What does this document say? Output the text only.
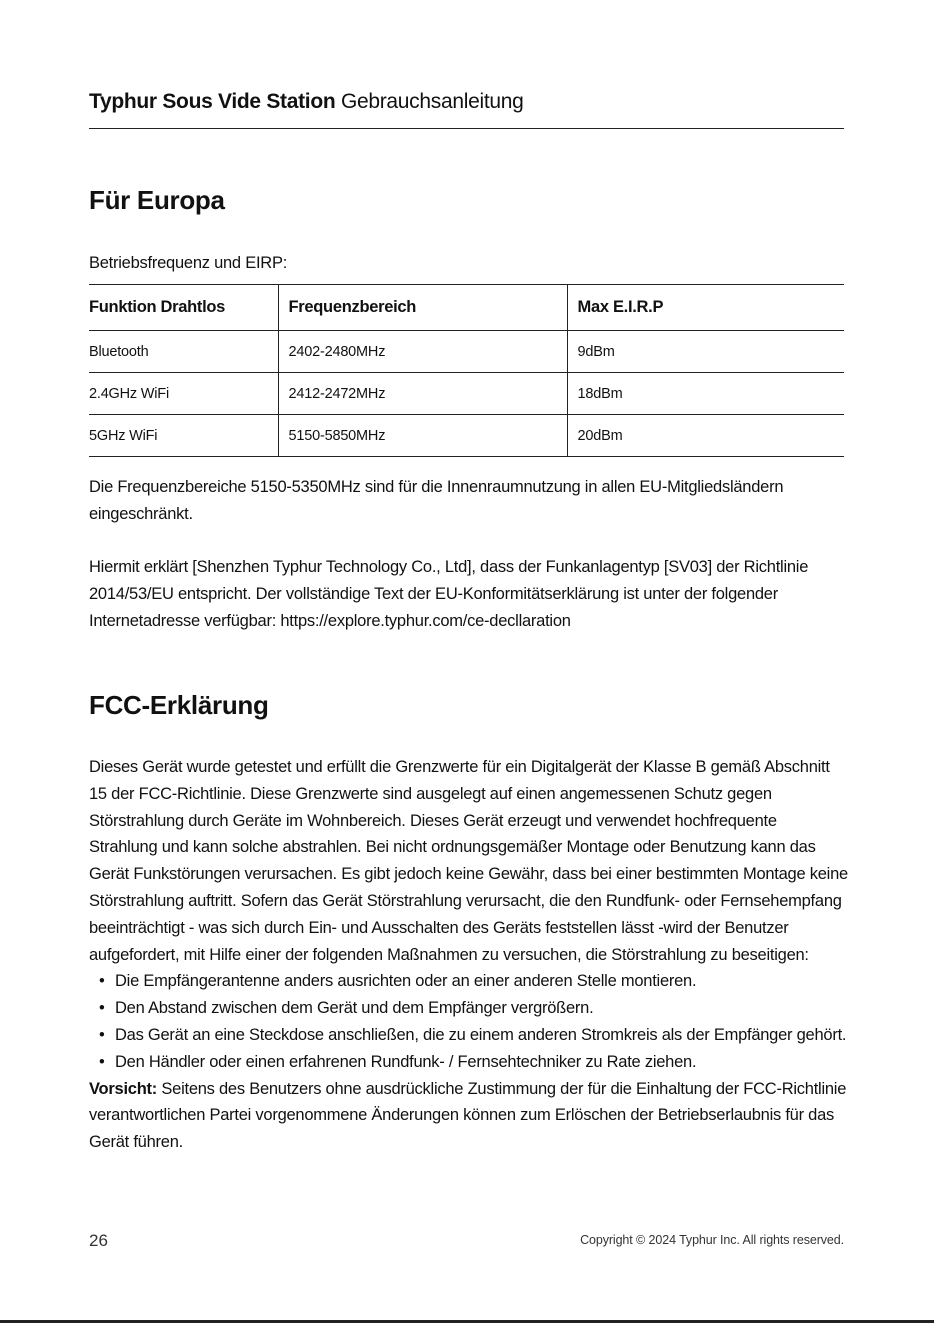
Typhur Sous Vide Station Gebrauchsanleitung
Für Europa

Betriebsfrequenz und EIRP:

Funktion Drahtlos	Frequenzbereich	Max E.I.R.P
Bluetooth	2402-2480MHz	9dBm
2.4GHz WiFi	2412-2472MHz	18dBm
5GHz WiFi	5150-5850MHz	20dBm

Die Frequenzbereiche 5150-5350MHz sind für die Innenraumnutzung in allen EU-Mitgliedsländern eingeschränkt.

Hiermit erklärt [Shenzhen Typhur Technology Co., Ltd], dass der Funkanlagentyp [SV03] der Richtlinie 2014/53/EU entspricht. Der vollständige Text der EU-Konformitätserklärung ist unter der folgender Internetadresse verfügbar: https://explore.typhur.com/ce-decllaration

FCC-Erklärung

Dieses Gerät wurde getestet und erfüllt die Grenzwerte für ein Digitalgerät der Klasse B gemäß Abschnitt 15 der FCC-Richtlinie. Diese Grenzwerte sind ausgelegt auf einen angemessenen Schutz gegen Störstrahlung durch Geräte im Wohnbereich. Dieses Gerät erzeugt und verwendet hochfrequente Strahlung und kann solche abstrahlen. Bei nicht ordnungsgemäßer Montage oder Benutzung kann das Gerät Funkstörungen verursachen. Es gibt jedoch keine Gewähr, dass bei einer bestimmten Montage keine Störstrahlung auftritt. Sofern das Gerät Störstrahlung verursacht, die den Rundfunk- oder Fernsehempfang beeinträchtigt - was sich durch Ein- und Ausschalten des Geräts feststellen lässt -wird der Benutzer aufgefordert, mit Hilfe einer der folgenden Maßnahmen zu versuchen, die Störstrahlung zu beseitigen:

• Die Empfängerantenne anders ausrichten oder an einer anderen Stelle montieren.
• Den Abstand zwischen dem Gerät und dem Empfänger vergrößern.
• Das Gerät an eine Steckdose anschließen, die zu einem anderen Stromkreis als der Empfänger gehört.
• Den Händler oder einen erfahrenen Rundfunk- / Fernsehtechniker zu Rate ziehen.

Vorsicht: Seitens des Benutzers ohne ausdrückliche Zustimmung der für die Einhaltung der FCC-Richtlinie verantwortlichen Partei vorgenommene Änderungen können zum Erlöschen der Betriebserlaubnis für das Gerät führen.

26	Copyright © 2024 Typhur Inc. All rights reserved.
